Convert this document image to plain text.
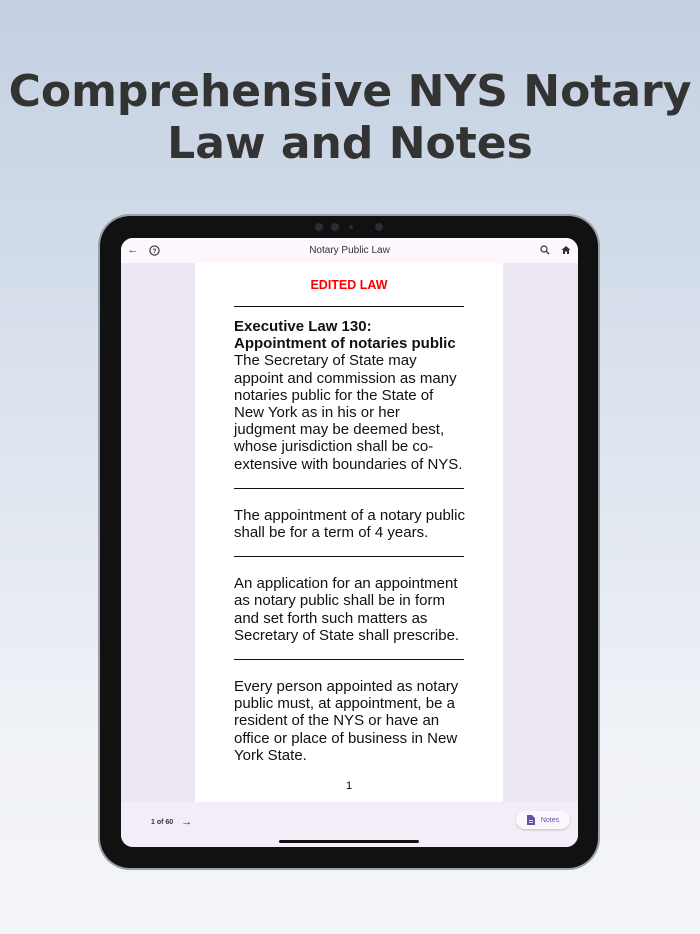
Comprehensive NYS Notary
Law and Notes
← ?	Notary Public Law
EDITED LAW
Executive Law 130:
Appointment of notaries public
The Secretary of State may
appoint and commission as many
notaries public for the State of
New York as in his or her
judgment may be deemed best,
whose jurisdiction shall be co-
extensive with boundaries of NYS.
The appointment of a notary public
shall be for a term of 4 years.
An application for an appointment
as notary public shall be in form
and set forth such matters as
Secretary of State shall prescribe.
Every person appointed as notary
public must, at appointment, be a
resident of the NYS or have an
office or place of business in New
York State.
1
1 of 60 →	Notes
